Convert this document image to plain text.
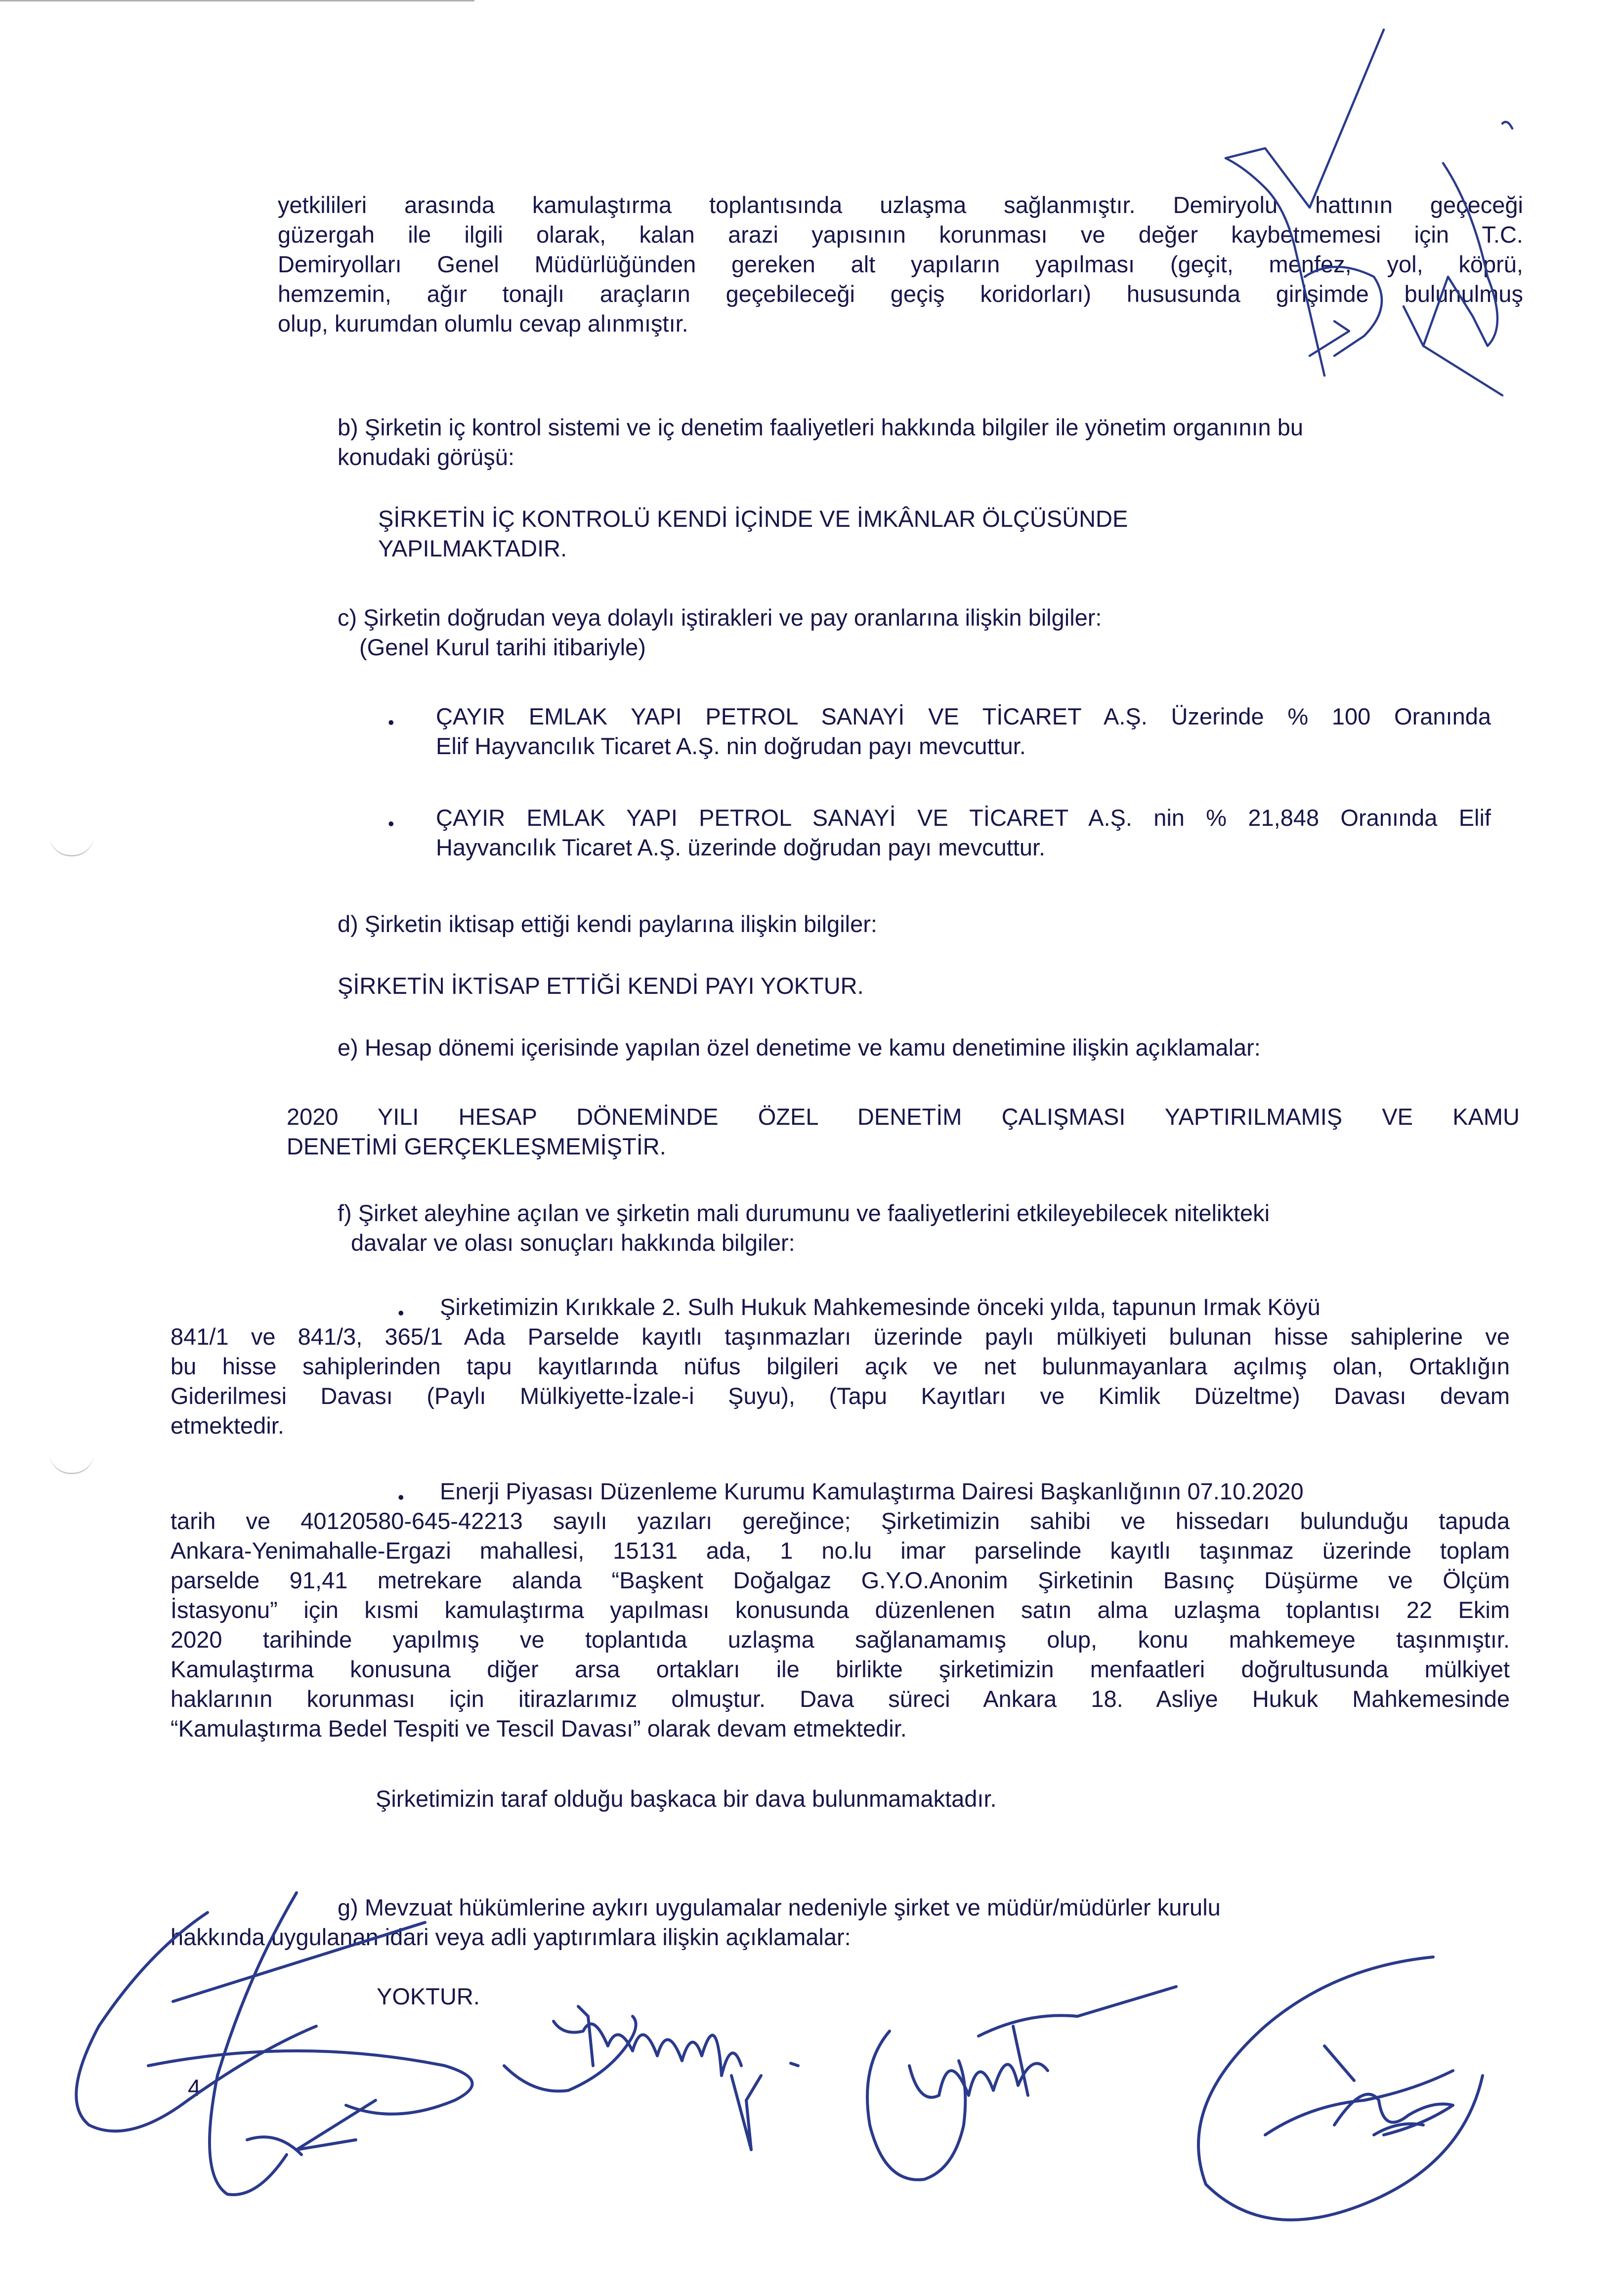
yetkilileri arasında kamulaştırma toplantısında uzlaşma sağlanmıştır. Demiryolu hattının geçeceği

güzergah ile ilgili olarak, kalan arazi yapısının korunması ve değer kaybetmemesi için T.C.

Demiryolları Genel Müdürlüğünden gereken alt yapıların yapılması (geçit, menfez, yol, köprü,

hemzemin, ağır tonajlı araçların geçebileceği geçiş koridorları) hususunda girişimde bulunulmuş

olup, kurumdan olumlu cevap alınmıştır.

b) Şirketin iç kontrol sistemi ve iç denetim faaliyetleri hakkında bilgiler ile yönetim organının bu

konudaki görüşü:

ŞİRKETİN İÇ KONTROLÜ KENDİ İÇİNDE VE İMKÂNLAR ÖLÇÜSÜNDE

YAPILMAKTADIR.

c) Şirketin doğrudan veya dolaylı iştirakleri ve pay oranlarına ilişkin bilgiler:

(Genel Kurul tarihi itibariyle)

• ÇAYIR EMLAK YAPI PETROL SANAYİ VE TİCARET A.Ş. Üzerinde % 100 Oranında

Elif Hayvancılık Ticaret A.Ş. nin doğrudan payı mevcuttur.

• ÇAYIR EMLAK YAPI PETROL SANAYİ VE TİCARET A.Ş. nin % 21,848 Oranında Elif

Hayvancılık Ticaret A.Ş. üzerinde doğrudan payı mevcuttur.

d) Şirketin iktisap ettiği kendi paylarına ilişkin bilgiler:

ŞİRKETİN İKTİSAP ETTİĞİ KENDİ PAYI YOKTUR.

e) Hesap dönemi içerisinde yapılan özel denetime ve kamu denetimine ilişkin açıklamalar:

2020 YILI HESAP DÖNEMİNDE ÖZEL DENETİM ÇALIŞMASI YAPTIRILMAMIŞ VE KAMU

DENETİMİ GERÇEKLEŞMEMİŞTİR.

f) Şirket aleyhine açılan ve şirketin mali durumunu ve faaliyetlerini etkileyebilecek nitelikteki

davalar ve olası sonuçları hakkında bilgiler:

• Şirketimizin Kırıkkale 2. Sulh Hukuk Mahkemesinde önceki yılda, tapunun Irmak Köyü

841/1 ve 841/3, 365/1 Ada Parselde kayıtlı taşınmazları üzerinde paylı mülkiyeti bulunan hisse sahiplerine ve

bu hisse sahiplerinden tapu kayıtlarında nüfus bilgileri açık ve net bulunmayanlara açılmış olan, Ortaklığın

Giderilmesi Davası (Paylı Mülkiyette-İzale-i Şuyu), (Tapu Kayıtları ve Kimlik Düzeltme) Davası devam

etmektedir.

• Enerji Piyasası Düzenleme Kurumu Kamulaştırma Dairesi Başkanlığının 07.10.2020

tarih ve 40120580-645-42213 sayılı yazıları gereğince; Şirketimizin sahibi ve hissedarı bulunduğu tapuda

Ankara-Yenimahalle-Ergazi mahallesi, 15131 ada, 1 no.lu imar parselinde kayıtlı taşınmaz üzerinde toplam

parselde 91,41 metrekare alanda “Başkent Doğalgaz G.Y.O.Anonim Şirketinin Basınç Düşürme ve Ölçüm

İstasyonu” için kısmi kamulaştırma yapılması konusunda düzenlenen satın alma uzlaşma toplantısı 22 Ekim

2020 tarihinde yapılmış ve toplantıda uzlaşma sağlanamamış olup, konu mahkemeye taşınmıştır.

Kamulaştırma konusuna diğer arsa ortakları ile birlikte şirketimizin menfaatleri doğrultusunda mülkiyet

haklarının korunması için itirazlarımız olmuştur. Dava süreci Ankara 18. Asliye Hukuk Mahkemesinde

“Kamulaştırma Bedel Tespiti ve Tescil Davası” olarak devam etmektedir.

Şirketimizin taraf olduğu başkaca bir dava bulunmamaktadır.

g) Mevzuat hükümlerine aykırı uygulamalar nedeniyle şirket ve müdür/müdürler kurulu

hakkında uygulanan idari veya adli yaptırımlara ilişkin açıklamalar:

YOKTUR.

4
